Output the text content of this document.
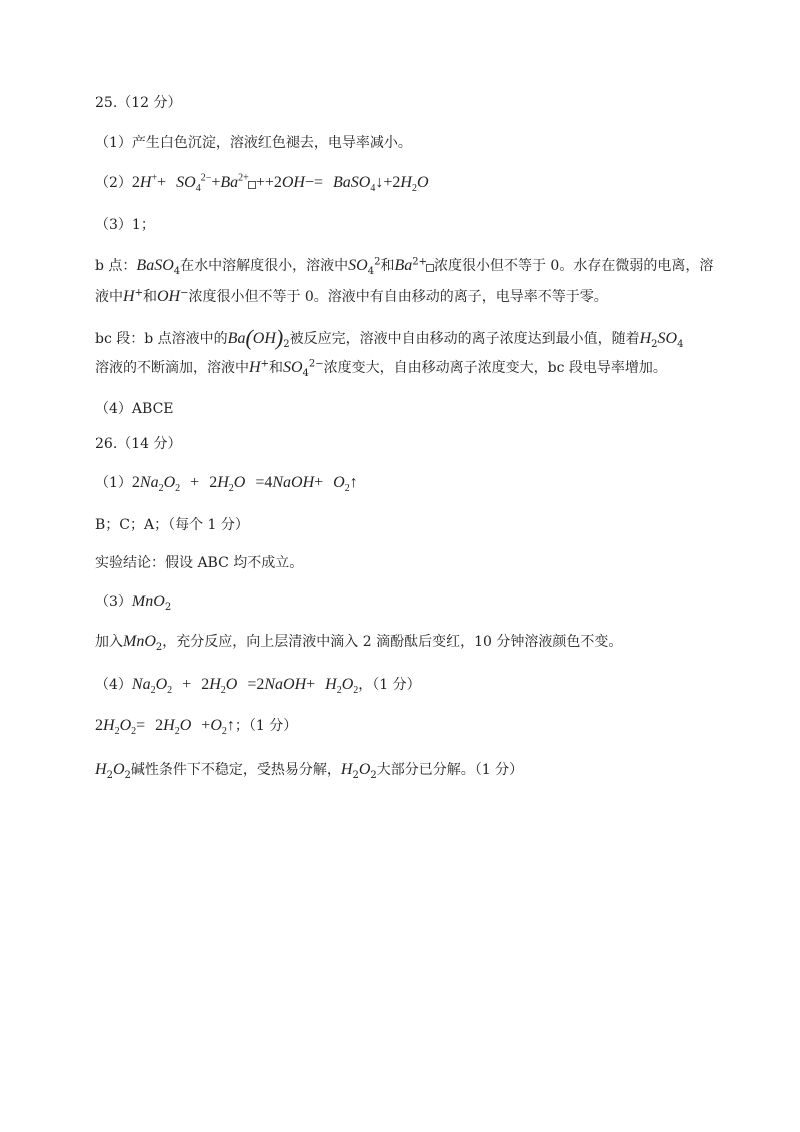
25.（12 分）
（1）产生白色沉淀，溶液红色褪去，电导率减小。
$(2)2H^++ SO_4^{2-}+Ba^{2+} ++2OH-=$ $BaSO_4↓+2H_2O$
（3）1；
b 点：BaSO$_4$在水中溶解度很小，溶液中$SO_4^2$和$Ba^{2+}$ 浓度很小但不等于 0。水存在微弱的电离，溶
液中H+和OH−浓度很小但不等于 0。溶液中有自由移动的离子，电导率不等于零。
bc 段：b 点溶液中的$Ba(OH)_2$被反应完，溶液中自由移动的离子浓度达到最小值，随着$H_2SO_4$
溶液的不断滴加，溶液中H+和$SO_4^{2-}$浓度变大，自由移动离子浓度变大，bc 段电导率增加。
（4）ABCE
26.（14 分）
$(1)2Na_2O_2 + 2H_2O$ =4NaOH+ $O_2↑$
B；C；A；（每个 1 分）
实验结论：假设 ABC 均不成立。
（3）MnO$_2$
加入MnO$_2$，充分反应，向上层清液中滴入 2 滴酚酞后变红，10 分钟溶液颜色不变。
$(4)Na_2O_2 + 2H_2O$ =2NaOH+ $H_2O_2$，（1 分）
$2H_2O_2= 2H_2O$ $+O_2↑$；（1 分）
$H_2O_2$碱性条件下不稳定，受热易分解，$H_2O_2$大部分已分解。（1 分）
